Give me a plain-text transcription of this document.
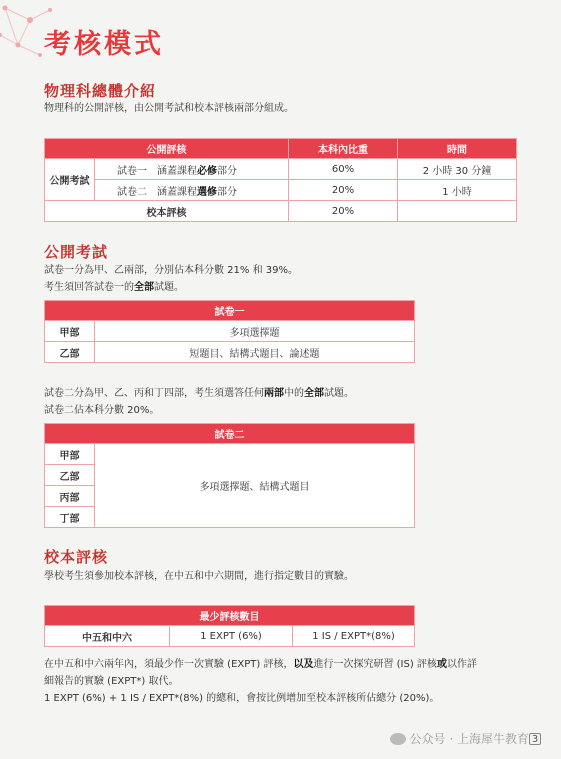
考核模式
物理科總體介紹
物理科的公開評核，由公開考試和校本評核兩部分組成。
公開評核		本科內比重	時間
公開考試	試卷一　涵蓋課程必修部分	60%	2 小時 30 分鐘
	試卷二　涵蓋課程選修部分	20%	1 小時
校本評核		20%	
公開考試
試卷一分為甲、乙兩部，分別佔本科分數 21% 和 39%。
考生須回答試卷一的全部試題。
試卷一	
甲部	多項選擇題
乙部	短題目、結構式題目、論述題
試卷二分為甲、乙、丙和丁四部，考生須選答任何兩部中的全部試題。
試卷二佔本科分數 20%。
試卷二
甲部	多項選擇題、結構式題目
乙部
丙部
丁部
校本評核
學校考生須參加校本評核，在中五和中六期間，進行指定數目的實驗。
最少評核數目
中五和中六	1 EXPT (6%)	1 IS / EXPT*(8%)
在中五和中六兩年內，須最少作一次實驗 (EXPT) 評核，以及進行一次探究研習 (IS) 評核或以作詳
細報告的實驗 (EXPT*) 取代。
1 EXPT (6%) + 1 IS / EXPT*(8%) 的總和，會按比例增加至校本評核所佔總分 (20%)。
公众号 · 上海犀牛教育 3
